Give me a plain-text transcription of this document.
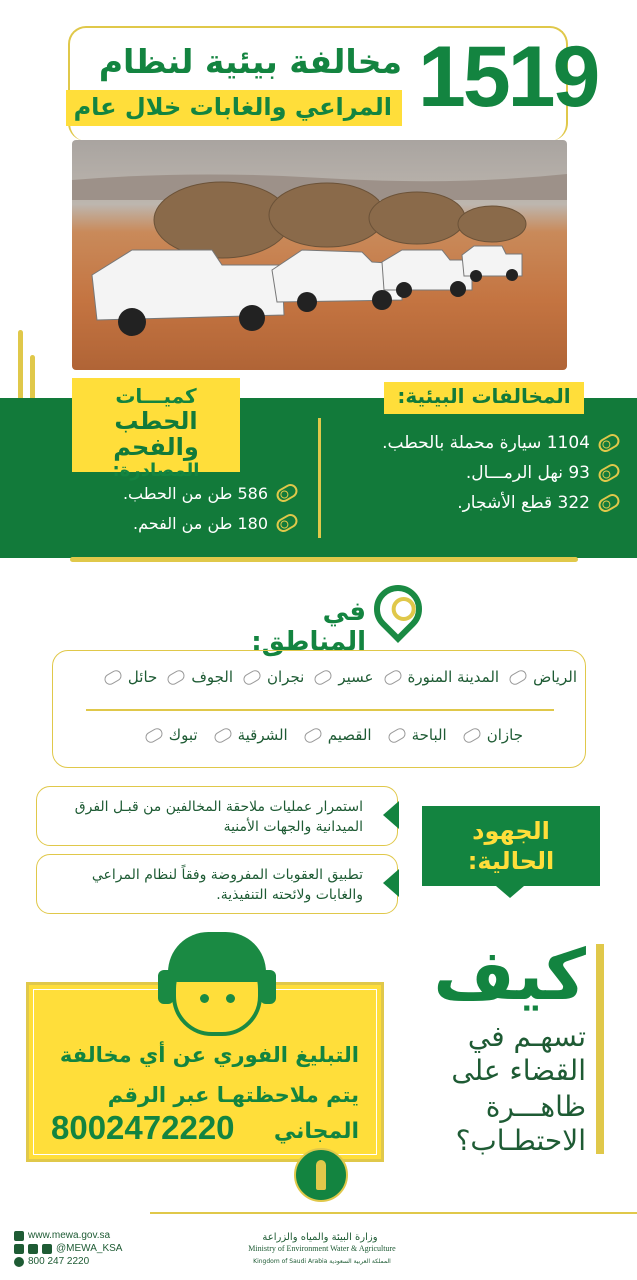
1519
مخالفة بيئية لنظام
المراعي والغابات خلال عام
المخالفات البيئية:
1104 سيارة محملة بالحطب.
93 نهل الرمـــال.
322 قطع الأشجار.
كميـــات
الحطب والفحم
المصادرة:
586 طن من الحطب.
180 طن من الفحم.
في المناطق:
الرياض
المدينة المنورة
عسير
نجران
الجوف
حائل
جازان
الباحة
القصيم
الشرقية
تبوك
استمرار عمليات ملاحقة المخالفين من قبـل الفرق الميدانية والجهات الأمنية
تطبيق العقوبات المفروضة وفقاً لنظام المراعي والغابات ولائحته التنفيذية.
الجهود
الحالية:
التبليغ الفوري عن أي مخالفة
يتم ملاحظتهـا عبر الرقم
المجاني
8002472220
كيف
تسهـم في
القضاء على
ظاهـــرة
الاحتطـاب؟
www.mewa.gov.sa
@MEWA_KSA
800 247 2220
وزارة البيئة والمياه والزراعة
Ministry of Environment Water & Agriculture
Kingdom of Saudi Arabia المملكة العربية السعودية
